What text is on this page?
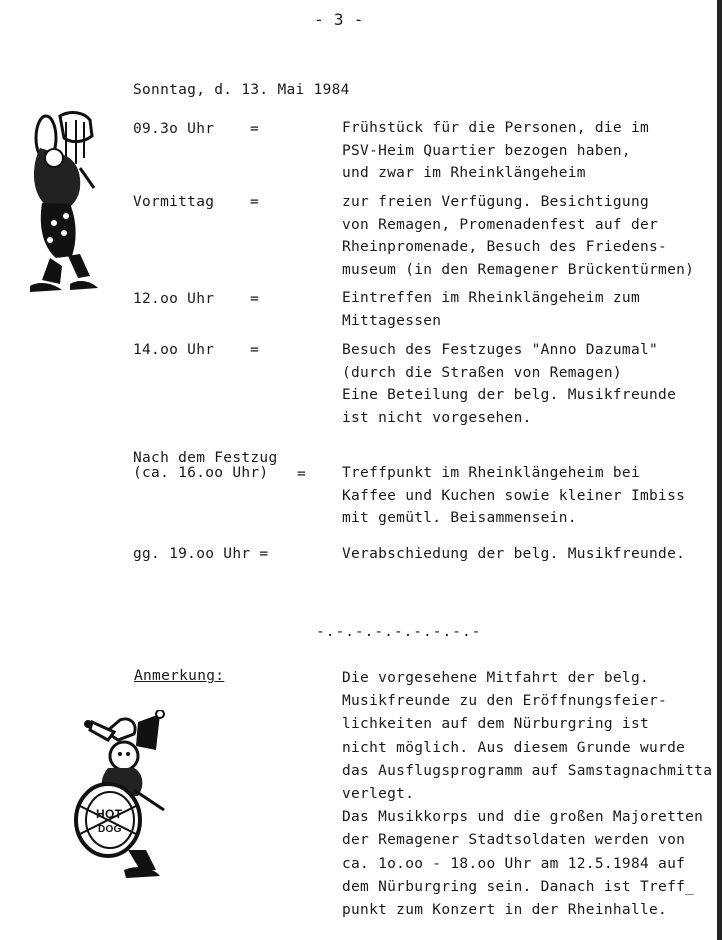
- 3 -
Sonntag, d. 13. Mai 1984
09.3o Uhr =	Frühstück für die Personen, die im
PSV-Heim Quartier bezogen haben,
und zwar im Rheinklängeheim
Vormittag =	zur freien Verfügung. Besichtigung
von Remagen, Promenadenfest auf der
Rheinpromenade, Besuch des Friedens-
museum (in den Remagener Brückentürmen)
12.oo Uhr =	Eintreffen im Rheinklängeheim zum
Mittagessen
14.oo Uhr =	Besuch des Festzuges "Anno Dazumal"
(durch die Straßen von Remagen)
Eine Beteilung der belg. Musikfreunde
ist nicht vorgesehen.
Nach dem Festzug
(ca. 16.oo Uhr)	= Treffpunkt im Rheinklängeheim bei
Kaffee und Kuchen sowie kleiner Imbiss
mit gemütl. Beisammensein.
gg. 19.oo Uhr =	Verabschiedung der belg. Musikfreunde.
-.-.-.-.-.-.-.-.-
Anmerkung:	Die vorgesehene Mitfahrt der belg.
Musikfreunde zu den Eröffnungsfeier-
lichkeiten auf dem Nürburgring ist
nicht möglich. Aus diesem Grunde wurde
das Ausflugsprogramm auf Samstagnachmitta
verlegt.
Das Musikkorps und die großen Majoretten
der Remagener Stadtsoldaten werden von
ca. 1o.oo - 18.oo Uhr am 12.5.1984 auf
dem Nürburgring sein. Danach ist Treff_
punkt zum Konzert in der Rheinhalle.
HOT
DOG
